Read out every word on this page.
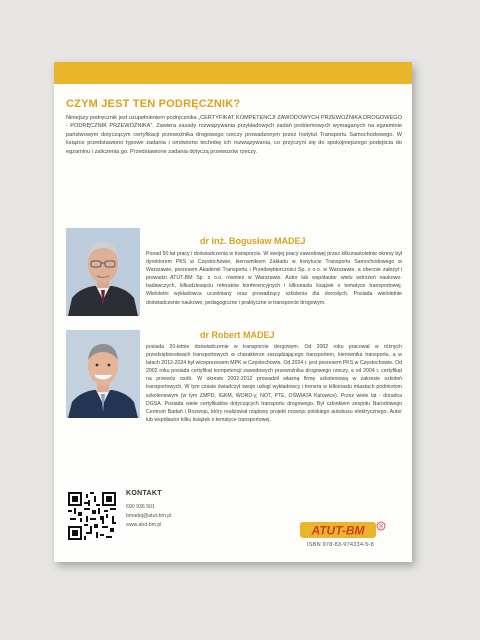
CZYM JEST TEN PODRĘCZNIK?
Niniejszy podręcznik jest uzupełnieniem podręcznika „CERTYFIKAT KOMPETENCJI ZAWODOWYCH PRZEWOŹNIKA DROGOWEGO - PODRĘCZNIK PRZEWOŹNIKA”. Zawiera zasady rozwiązywania przykładowych zadań problemowych wymaganych na egzaminie państwowym dotyczącym certyfikacji przewoźnika drogowego rzeczy prowadzonym przez Instytut Transportu Samochodowego. W książce przedstawiono typowe zadania i omówiono technikę ich rozwiązywania, co przyczyni się do spokojniejszego podejścia do egzaminu i zaliczenia go. Przedstawione zadania dotyczą przewozów rzeczy.
dr inż. Bogusław MADEJ
Ponad 50 lat pracy i doświadczenia w transporcie. W swojej pracy zawodowej przez kilkunastoletnie okresy był dyrektorem PKS w Częstochowie, kierownikiem Zakładu w Instytucie Transportu Samochodowego w Warszawie, prezesem Akademii Transportu i Przedsiębiorczości Sp. z o.o. w Warszawie, a obecnie założył i prowadzi ATUT-BM Sp. z o.o. również w Warszawie. Autor lub współautor wielu wdrożeń naukowo-badawczych, kilkudziesięciu referatów konferencyjnych i kilkunastu książek o tematyce transportowej. Wieloletni wykładowca uczelniany oraz prowadzący szkolenia dla dorosłych. Posiada wieloletnie doświadczenie naukowe, pedagogiczne i praktyczne w transporcie drogowym.
dr Robert MADEJ
posiada 20-letnie doświadczenie w transporcie drogowym. Od 2002 roku pracował w różnych przedsiębiorstwach transportowych w charakterze zarządzającego transportem, kierownika transportu, a w latach 2012-2024 był wiceprezesem MPK w Częstochowie. Od 2024 r. jest prezesem PKS w Częstochowie. Od 2002 roku posiada certyfikat kompetencji zawodowych przewoźnika drogowego rzeczy, a od 2004 r. certyfikat na przewóz osób. W okresie 2002-2012 prowadził własną firmę szkoleniową w zakresie szkoleń transportowych. W tym czasie świadczył swoje usługi wykładowcy i trenera w kilkunastu miastach podmiotom szkoleniowym (w tym ZMPD, IGKM, WORD-y, NOT, PTE, OŚWIATA Katowice). Przez wiele lat - doradca DGSA. Posiada wiele certyfikatów dotyczących transportu drogowego. Był członkiem zespołu Narodowego Centrum Badań i Rozwoju, który realizował rządowy projekt rozwoju polskiego autobusu elektrycznego. Autor lub współautor kilku książek o tematyce transportowej.
KONTAKT
690 936 501
bmadej@atut-bm.pl
www.atut-bm.pl	ATUT-BM ®
ISBN 978-83-974334-5-8
